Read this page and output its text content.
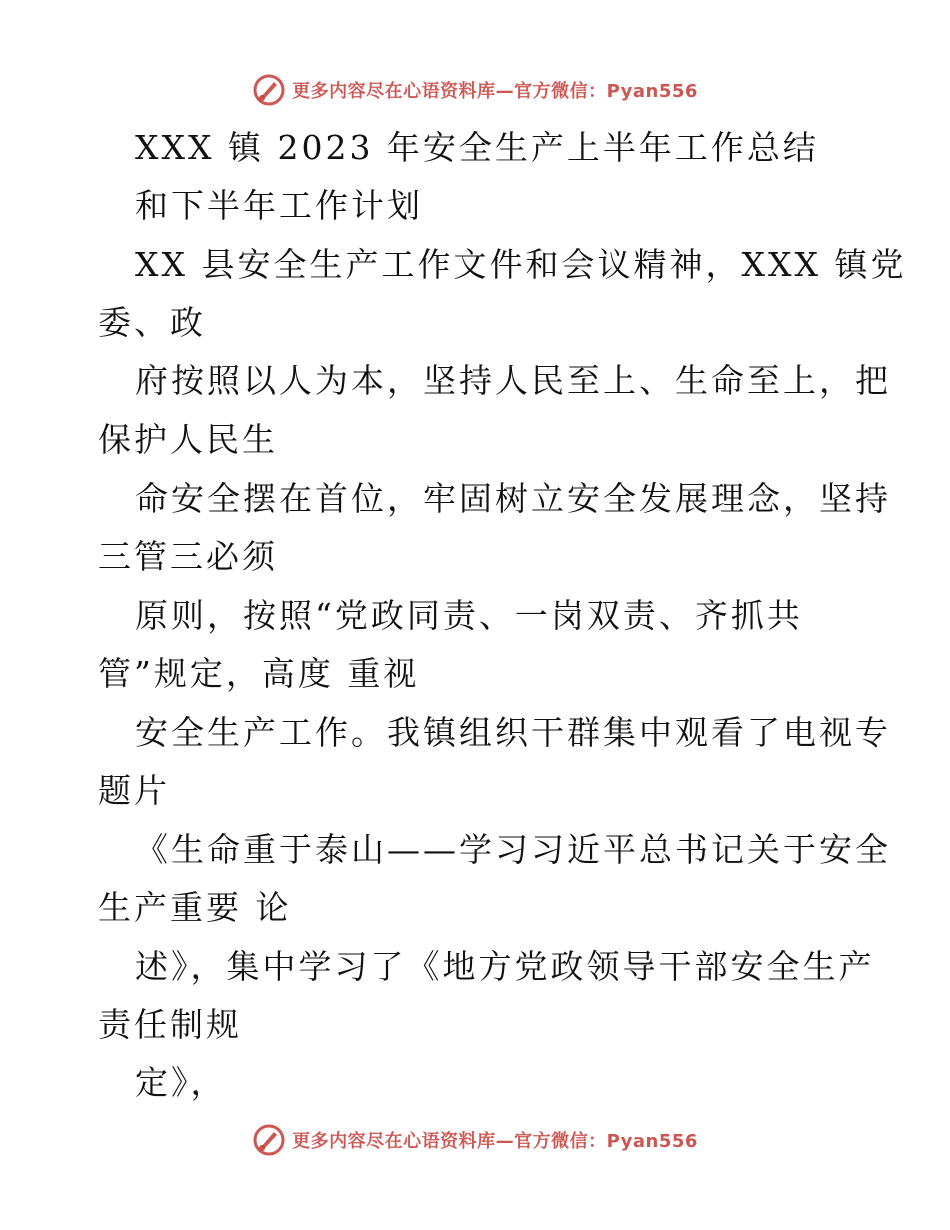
更多内容尽在心语资料库—官方微信：Pyan556
XXX 镇 2023 年安全生产上半年工作总结
和下半年工作计划
XX 县安全生产工作文件和会议精神，XXX 镇党
委、政
府按照以人为本，坚持人民至上、生命至上，把
保护人民生
命安全摆在首位，牢固树立安全发展理念，坚持
三管三必须
原则，按照“党政同责、一岗双责、齐抓共
管”规定，高度 重视
安全生产工作。我镇组织干群集中观看了电视专
题片
《生命重于泰山——学习习近平总书记关于安全
生产重要 论
述》，集中学习了《地方党政领导干部安全生产
责任制规
定》，
更多内容尽在心语资料库—官方微信：Pyan556
